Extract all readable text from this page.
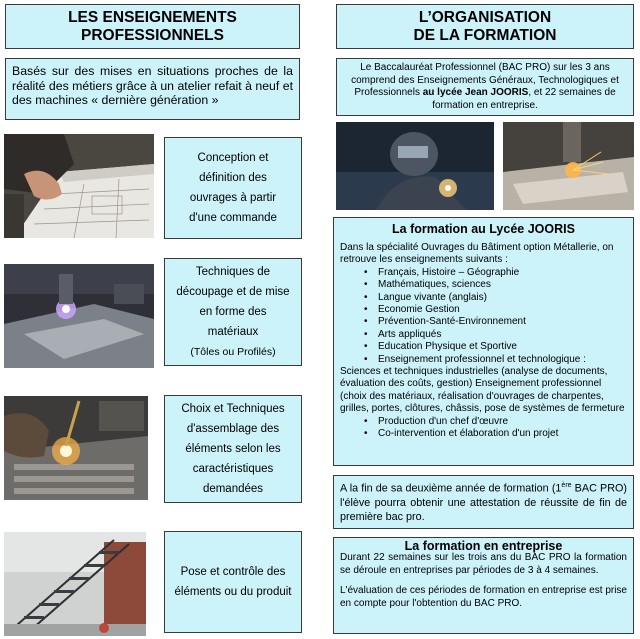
LES ENSEIGNEMENTS
PROFESSIONNELS
L’ORGANISATION
DE LA FORMATION
Basés sur des mises en situations proches de la réalité des métiers grâce à un atelier refait à neuf et des machines « dernière génération »
Le Baccalauréat Professionnel (BAC PRO) sur les 3 ans comprend des Enseignements Généraux, Technologiques et Professionnels au lycée Jean JOORIS, et 22 semaines de formation en entreprise.
Conception et
définition des
ouvrages à partir
d'une commande
Techniques de
découpage et de mise
en forme des
matériaux
(Tôles ou Profilés)
Choix et Techniques
d'assemblage des
éléments selon les
caractéristiques
demandées
Pose et contrôle des
éléments ou du produit
La formation au Lycée JOORIS
Dans la spécialité Ouvrages du Bâtiment option Métallerie, on retrouve les enseignements suivants :
• Français, Histoire – Géographie
• Mathématiques, sciences
• Langue vivante (anglais)
• Economie Gestion
• Prévention-Santé-Environnement
• Arts appliqués
• Education Physique et Sportive
• Enseignement professionnel et technologique :
Sciences et techniques industrielles (analyse de documents, évaluation des coûts, gestion) Enseignement professionnel (choix des matériaux, réalisation d'ouvrages de charpentes, grilles, portes, clôtures, châssis, pose de systèmes de fermeture
• Production d'un chef d'œuvre
• Co-intervention et élaboration d'un projet
A la fin de sa deuxième année de formation (1ère BAC PRO) l'élève pourra obtenir une attestation de réussite de fin de première bac pro.
La formation en entreprise
Durant 22 semaines sur les trois ans du BAC PRO la formation se déroule en entreprises par périodes de 3 à 4 semaines.
L'évaluation de ces périodes de formation en entreprise est prise en compte pour l'obtention du BAC PRO.
